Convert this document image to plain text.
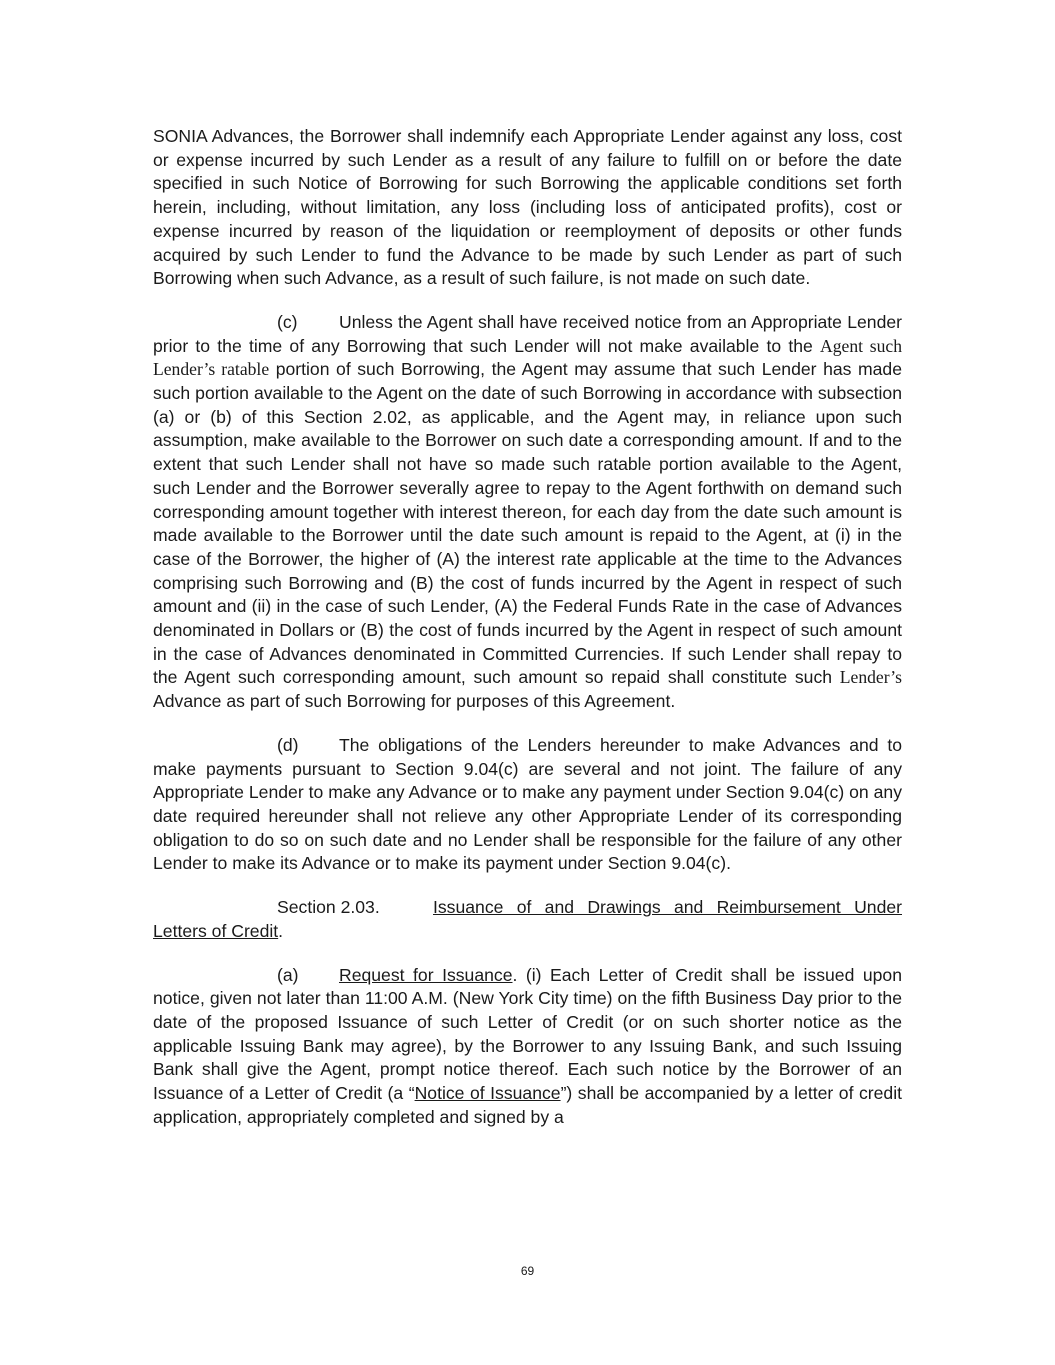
SONIA Advances, the Borrower shall indemnify each Appropriate Lender against any loss, cost or expense incurred by such Lender as a result of any failure to fulfill on or before the date specified in such Notice of Borrowing for such Borrowing the applicable conditions set forth herein, including, without limitation, any loss (including loss of anticipated profits), cost or expense incurred by reason of the liquidation or reemployment of deposits or other funds acquired by such Lender to fund the Advance to be made by such Lender as part of such Borrowing when such Advance, as a result of such failure, is not made on such date.

(c) Unless the Agent shall have received notice from an Appropriate Lender prior to the time of any Borrowing that such Lender will not make available to the Agent such Lender’s ratable portion of such Borrowing, the Agent may assume that such Lender has made such portion available to the Agent on the date of such Borrowing in accordance with subsection (a) or (b) of this Section 2.02, as applicable, and the Agent may, in reliance upon such assumption, make available to the Borrower on such date a corresponding amount. If and to the extent that such Lender shall not have so made such ratable portion available to the Agent, such Lender and the Borrower severally agree to repay to the Agent forthwith on demand such corresponding amount together with interest thereon, for each day from the date such amount is made available to the Borrower until the date such amount is repaid to the Agent, at (i) in the case of the Borrower, the higher of (A) the interest rate applicable at the time to the Advances comprising such Borrowing and (B) the cost of funds incurred by the Agent in respect of such amount and (ii) in the case of such Lender, (A) the Federal Funds Rate in the case of Advances denominated in Dollars or (B) the cost of funds incurred by the Agent in respect of such amount in the case of Advances denominated in Committed Currencies. If such Lender shall repay to the Agent such corresponding amount, such amount so repaid shall constitute such Lender’s Advance as part of such Borrowing for purposes of this Agreement.

(d) The obligations of the Lenders hereunder to make Advances and to make payments pursuant to Section 9.04(c) are several and not joint. The failure of any Appropriate Lender to make any Advance or to make any payment under Section 9.04(c) on any date required hereunder shall not relieve any other Appropriate Lender of its corresponding obligation to do so on such date and no Lender shall be responsible for the failure of any other Lender to make its Advance or to make its payment under Section 9.04(c).

Section 2.03.	Issuance of and Drawings and Reimbursement Under Letters of Credit.

(a) Request for Issuance. (i) Each Letter of Credit shall be issued upon notice, given not later than 11:00 A.M. (New York City time) on the fifth Business Day prior to the date of the proposed Issuance of such Letter of Credit (or on such shorter notice as the applicable Issuing Bank may agree), by the Borrower to any Issuing Bank, and such Issuing Bank shall give the Agent, prompt notice thereof. Each such notice by the Borrower of an Issuance of a Letter of Credit (a “Notice of Issuance”) shall be accompanied by a letter of credit application, appropriately completed and signed by a

69
